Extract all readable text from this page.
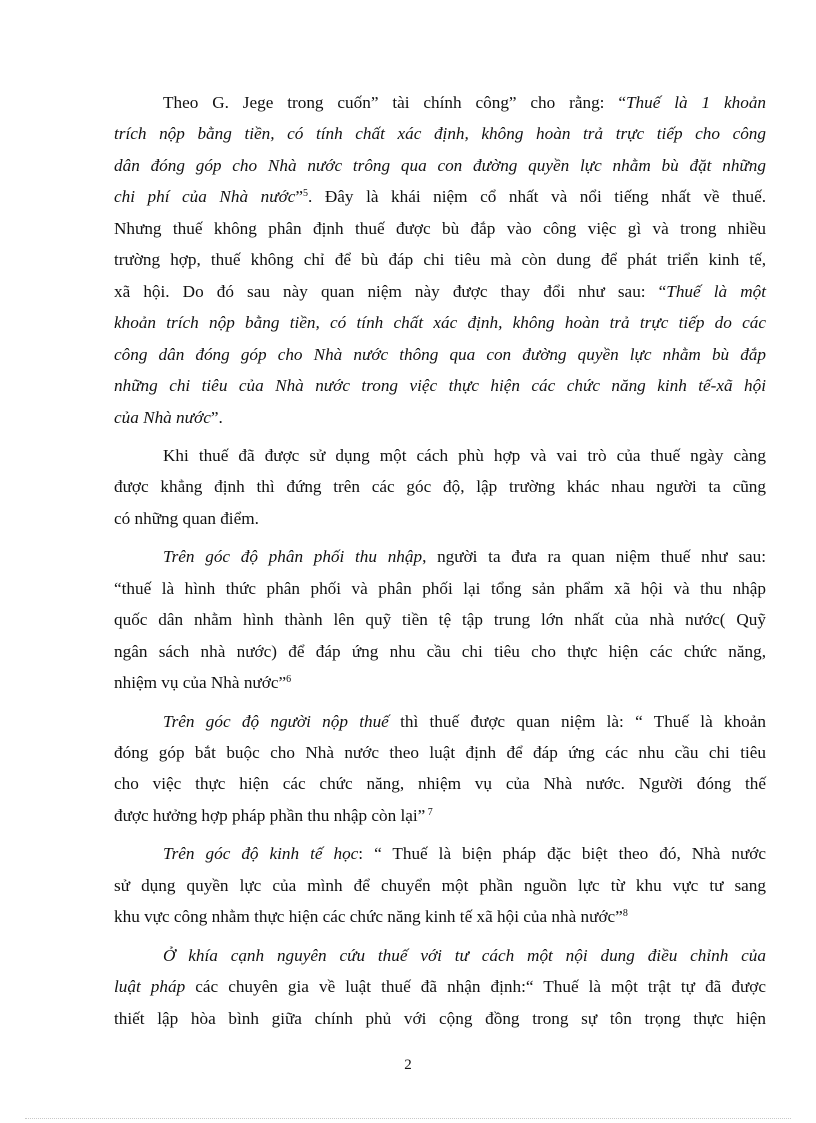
Theo G. Jege trong cuốn” tài chính công” cho rằng: “Thuế là 1 khoản
trích nộp bằng tiền, có tính chất xác định, không hoàn trả trực tiếp cho công
dân đóng góp cho Nhà nước trông qua con đường quyền lực nhằm bù đặt những
chi phí của Nhà nước”$^5$. Đây là khái niệm cổ nhất và nổi tiếng nhất về thuế.
Nhưng thuế không phân định thuế được bù đắp vào công việc gì và trong nhiều
trường hợp, thuế không chỉ để bù đáp chi tiêu mà còn dung để phát triển kinh tế,
xã hội. Do đó sau này quan niệm này được thay đổi như sau: “Thuế là một
khoản trích nộp bằng tiền, có tính chất xác định, không hoàn trả trực tiếp do các
công dân đóng góp cho Nhà nước thông qua con đường quyền lực nhằm bù đắp
những chi tiêu của Nhà nước trong việc thực hiện các chức năng kinh tế-xã hội
của Nhà nước”.
Khi thuế đã được sử dụng một cách phù hợp và vai trò của thuế ngày càng
được khẳng định thì đứng trên các góc độ, lập trường khác nhau người ta cũng
có những quan điểm.
Trên góc độ phân phối thu nhập, người ta đưa ra quan niệm thuế như sau:
“thuế là hình thức phân phối và phân phối lại tổng sản phẩm xã hội và thu nhập
quốc dân nhằm hình thành lên quỹ tiền tệ tập trung lớn nhất của nhà nước( Quỹ
ngân sách nhà nước) để đáp ứng nhu cầu chi tiêu cho thực hiện các chức năng,
nhiệm vụ của Nhà nước”$^6$
Trên góc độ người nộp thuế thì thuế được quan niệm là: “ Thuế là khoản
đóng góp bắt buộc cho Nhà nước theo luật định để đáp ứng các nhu cầu chi tiêu
cho việc thực hiện các chức năng, nhiệm vụ của Nhà nước. Người đóng thế
được hưởng hợp pháp phần thu nhập còn lại” $^7$
Trên góc độ kinh tế học: “ Thuế là biện pháp đặc biệt theo đó, Nhà nước
sử dụng quyền lực của mình để chuyển một phần nguồn lực từ khu vực tư sang
khu vực công nhằm thực hiện các chức năng kinh tế xã hội của nhà nước”$^8$
Ở khía cạnh nguyên cứu thuế với tư cách một nội dung điều chỉnh của
luật pháp các chuyên gia về luật thuế đã nhận định:“ Thuế là một trật tự đã được
thiết lập hòa bình giữa chính phủ với cộng đồng trong sự tôn trọng thực hiện
2
